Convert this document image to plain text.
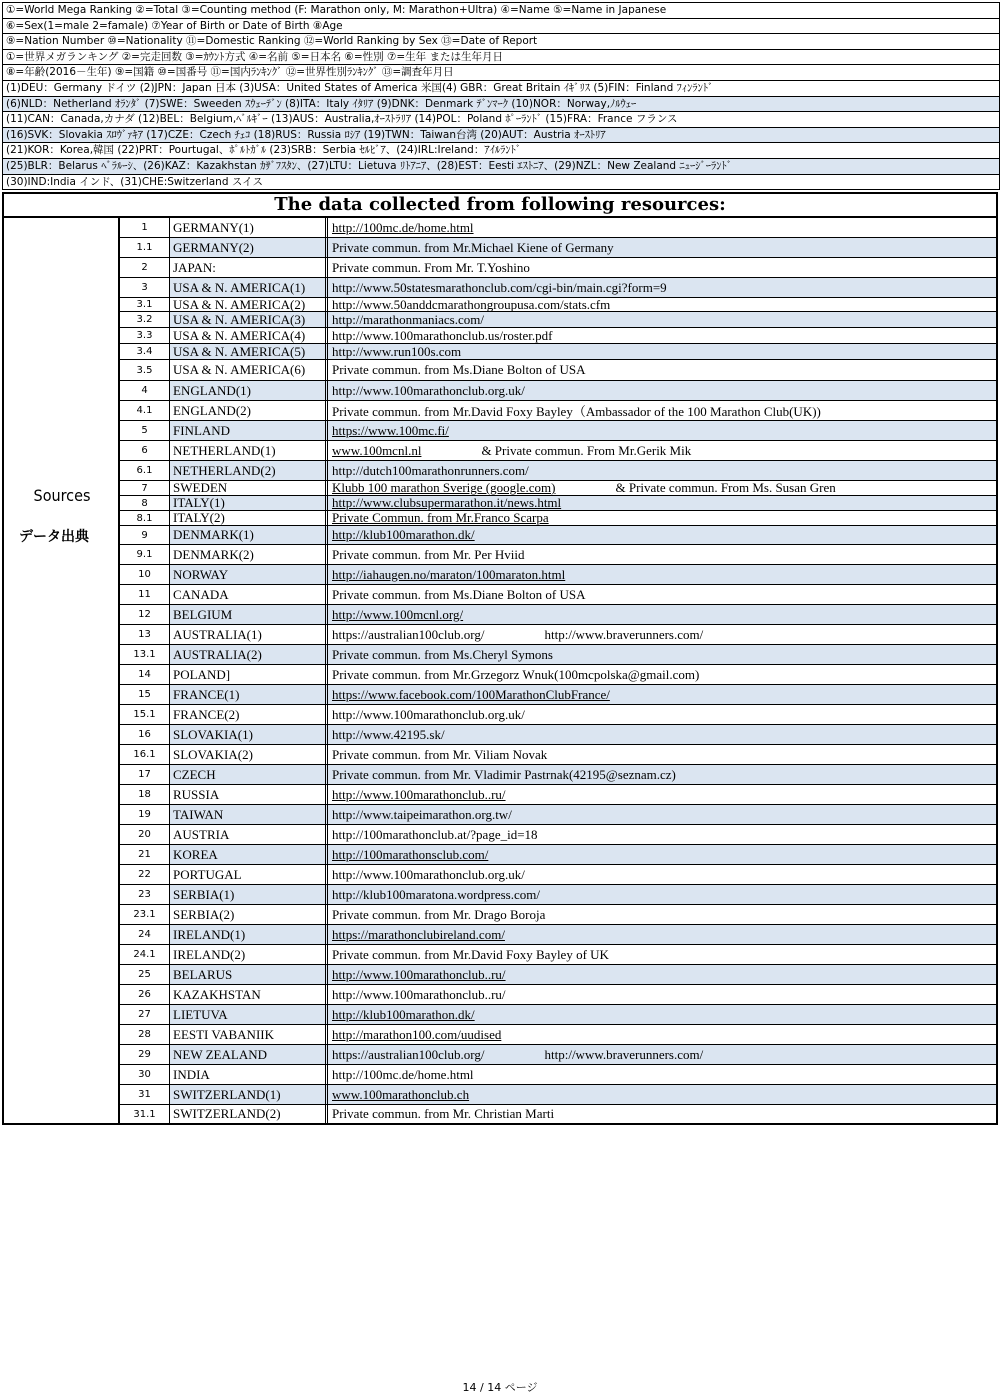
①=World Mega Ranking ②=Total ③=Counting method (F: Marathon only, M: Marathon+Ultra) ④=Name ⑤=Name in Japanese
⑥=Sex(1=male 2=famale) ⑦Year of Birth or Date of Birth ⑧Age
⑨=Nation Number ⑩=Nationality ⑪=Domestic Ranking ⑫=World Ranking by Sex ⑬=Date of Report
①=世界メガランキング ②=完走回数 ③=ｶｳﾝﾄ方式 ④=名前 ⑤=日本名 ⑥=性別 ⑦=生年 または生年月日
⑧=年齢(2016－生年) ⑨=国籍 ⑩=国番号 ⑪=国内ﾗﾝｷﾝｸﾞ ⑫=世界性別ﾗﾝｷﾝｸﾞ ⑬=調査年月日
(1)DEU：Germany ドイツ (2)JPN：Japan 日本 (3)USA：United States of America 米国(4) GBR：Great Britain ｲｷﾞﾘｽ (5)FIN：Finland ﾌｨﾝﾗﾝﾄﾞ
(6)NLD：Netherland ｵﾗﾝﾀﾞ (7)SWE：Sweeden ｽｳｪｰﾃﾞﾝ (8)ITA：Italy ｲﾀﾘｱ (9)DNK：Denmark ﾃﾞﾝﾏｰｸ (10)NOR：Norway,ﾉﾙｳｪｰ
(11)CAN：Canada,カナダ (12)BEL：Belgium,ﾍﾞﾙｷﾞｰ (13)AUS：Australia,ｵｰｽﾄﾗﾘｱ (14)POL：Poland ﾎﾟｰﾗﾝﾄﾞ (15)FRA：France フランス
(16)SVK：Slovakia ｽﾛｳﾞｧｷｱ (17)CZE：Czech ﾁｪｺ (18)RUS：Russia ﾛｼｱ (19)TWN：Taiwan台湾 (20)AUT：Austria ｵｰｽﾄﾘｱ
(21)KOR：Korea,韓国 (22)PRT：Pourtugal、ﾎﾟﾙﾄｶﾞﾙ (23)SRB：Serbia ｾﾙﾋﾞｱ、(24)IRL:Ireland：ｱｲﾙﾗﾝﾄﾞ
(25)BLR：Belarus ﾍﾞﾗﾙｰｼ、(26)KAZ：Kazakhstan ｶｻﾞﾌｽﾀﾝ、(27)LTU：Lietuva ﾘﾄｱﾆｱ、(28)EST：Eesti ｴｽﾄﾆｱ、(29)NZL：New Zealand ﾆｭｰｼﾞｰﾗﾝﾄﾞ
(30)IND:India インド、(31)CHE:Switzerland スイス
The data collected from following resources:
Sources
データ出典
1	GERMANY(1)	http://100mc.de/home.html
1.1	GERMANY(2)	Private commun. from Mr.Michael Kiene of Germany
2	JAPAN:	Private commun. From Mr. T.Yoshino
3	USA & N. AMERICA(1)	http://www.50statesmarathonclub.com/cgi-bin/main.cgi?form=9
3.1	USA & N. AMERICA(2)	http://www.50anddcmarathongroupusa.com/stats.cfm
3.2	USA & N. AMERICA(3)	http://marathonmaniacs.com/
3.3	USA & N. AMERICA(4)	http://www.100marathonclub.us/roster.pdf
3.4	USA & N. AMERICA(5)	http://www.run100s.com
3.5	USA & N. AMERICA(6)	Private commun. from Ms.Diane Bolton of USA
4	ENGLAND(1)	http://www.100marathonclub.org.uk/
4.1	ENGLAND(2)	Private commun. from Mr.David Foxy Bayley（Ambassador of the 100 Marathon Club(UK))
5	FINLAND	https://www.100mc.fi/
6	NETHERLAND(1)	www.100mcnl.nl	& Private commun. From Mr.Gerik Mik
6.1	NETHERLAND(2)	http://dutch100marathonrunners.com/
7	SWEDEN	Klubb 100 marathon Sverige (google.com)	& Private commun. From Ms. Susan Gren
8	ITALY(1)	http://www.clubsupermarathon.it/news.html
8.1	ITALY(2)	Private Commun. from Mr.Franco Scarpa
9	DENMARK(1)	http://klub100marathon.dk/
9.1	DENMARK(2)	Private commun. from Mr. Per Hviid
10	NORWAY	http://iahaugen.no/maraton/100maraton.html
11	CANADA	Private commun. from Ms.Diane Bolton of USA
12	BELGIUM	http://www.100mcnl.org/
13	AUSTRALIA(1)	https://australian100club.org/	http://www.braverunners.com/
13.1	AUSTRALIA(2)	Private commun. from Ms.Cheryl Symons
14	POLAND]	Private commun. from Mr.Grzegorz Wnuk(100mcpolska@gmail.com)
15	FRANCE(1)	https://www.facebook.com/100MarathonClubFrance/
15.1	FRANCE(2)	http://www.100marathonclub.org.uk/
16	SLOVAKIA(1)	http://www.42195.sk/
16.1	SLOVAKIA(2)	Private commun. from Mr. Viliam Novak
17	CZECH	Private commun. from Mr. Vladimir Pastrnak(42195@seznam.cz)
18	RUSSIA	http://www.100marathonclub..ru/
19	TAIWAN	http://www.taipeimarathon.org.tw/
20	AUSTRIA	http://100marathonclub.at/?page_id=18
21	KOREA	http://100marathonsclub.com/
22	PORTUGAL	http://www.100marathonclub.org.uk/
23	SERBIA(1)	http://klub100maratona.wordpress.com/
23.1	SERBIA(2)	Private commun. from Mr. Drago Boroja
24	IRELAND(1)	https://marathonclubireland.com/
24.1	IRELAND(2)	Private commun. from Mr.David Foxy Bayley of UK
25	BELARUS	http://www.100marathonclub..ru/
26	KAZAKHSTAN	http://www.100marathonclub..ru/
27	LIETUVA	http://klub100marathon.dk/
28	EESTI VABANIIK	http://marathon100.com/uudised
29	NEW ZEALAND	https://australian100club.org/	http://www.braverunners.com/
30	INDIA	http://100mc.de/home.html
31	SWITZERLAND(1)	www.100marathonclub.ch
31.1	SWITZERLAND(2)	Private commun. from Mr. Christian Marti
14 / 14 ページ
